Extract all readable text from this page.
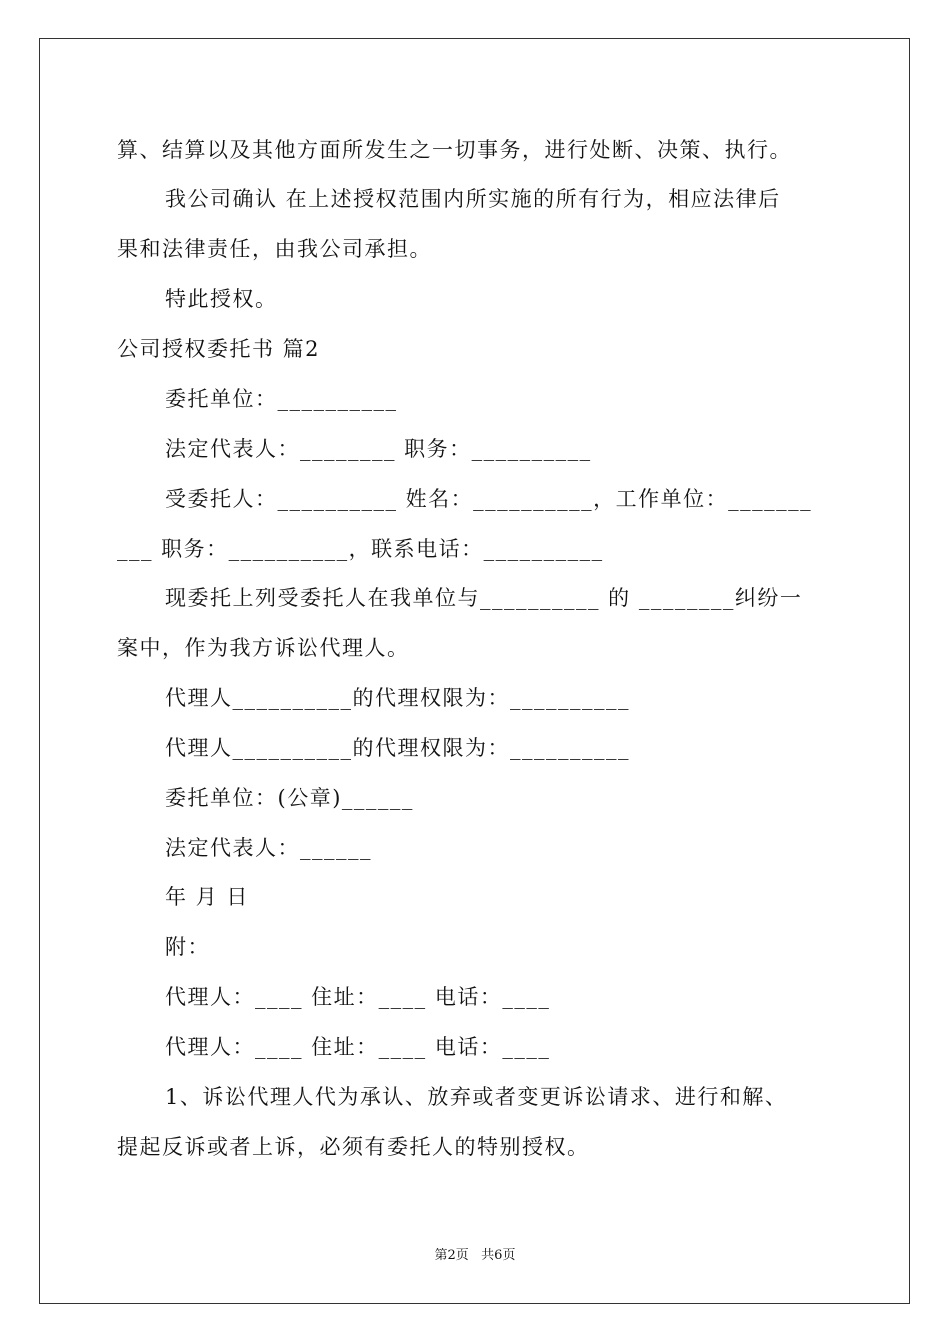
算、结算以及其他方面所发生之一切事务，进行处断、决策、执行。
我公司确认 在上述授权范围内所实施的所有行为，相应法律后
果和法律责任，由我公司承担。
特此授权。
公司授权委托书 篇2
委托单位：__________
法定代表人：________ 职务：__________
受委托人：__________ 姓名：__________，工作单位：_______
___ 职务：__________，联系电话：__________
现委托上列受委托人在我单位与__________ 的 ________纠纷一
案中，作为我方诉讼代理人。
代理人__________的代理权限为：__________
代理人__________的代理权限为：__________
委托单位：(公章)______
法定代表人：______
年 月 日
附：
代理人：____ 住址：____ 电话：____
代理人：____ 住址：____ 电话：____
1、诉讼代理人代为承认、放弃或者变更诉讼请求、进行和解、
提起反诉或者上诉，必须有委托人的特别授权。
第2页   共6页
